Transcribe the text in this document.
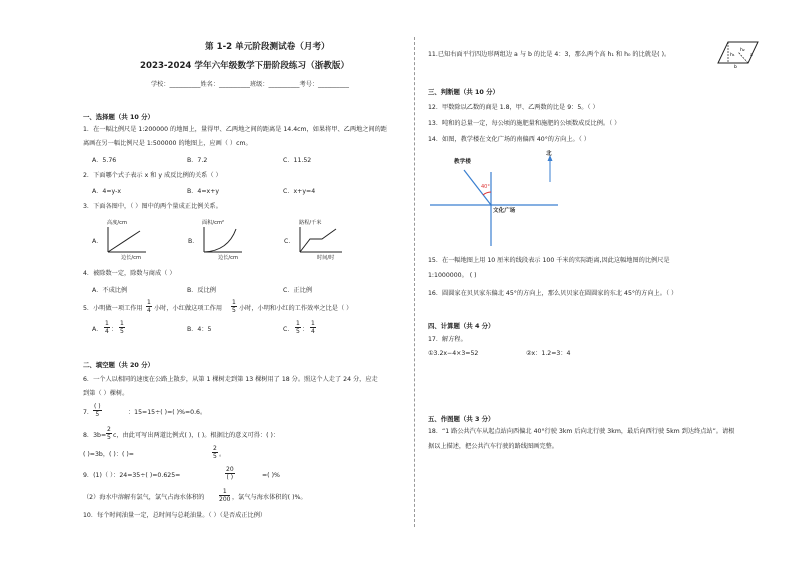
第 1-2 单元阶段测试卷（月考）
2023-2024 学年六年级数学下册阶段练习（浙教版）
学校：__________姓名：__________班级：__________考号：__________
一、选择题（共 10 分）
1．在一幅比例尺是 1:200000 的地图上，量得甲、乙两地之间的距离是 14.4cm，如果将甲、乙两地之间的距
离画在另一幅比例尺是 1:500000 的地图上，应画（ ）cm。
A．5.76	B．7.2	C．11.52
2．下面哪个式子表示 x 和 y 成反比例的关系（ ）
A．4=y-x	B．4=x+y	C．x+y=4
3．下面各图中，（ ）图中的两个量成正比例关系。
A．
高度/cm
边长/cm
B．
面积/cm²
边长/cm
C．
路程/千米
时间/时
4．被除数一定，除数与商成（ ）
A．不成比例	B．反比例	C．正比例
5．小明做一项工作用 $\frac{1}{4}$ 小时，小红做这项工作用 $\frac{1}{5}$ 小时，小明和小红的工作效率之比是（ ）
A． $\frac{1}{4}$ ： $\frac{1}{5}$	B．4：5	C． $\frac{1}{5}$ ： $\frac{1}{4}$
二、填空题（共 20 分）
6．一个人以相同的速度在公路上散步，从第 1 棵树走到第 13 棵树用了 18 分。照这个人走了 24 分，应走
到第（ ）棵树。
7．
( )
5	：15=15÷( )=( )%=0.6。
8．$3b= \frac{2}{5}$ c，由此可写出两道比例式( )，( )。根据比的意义可得：( )：
( )=3b，( )：( )=	$\frac{2}{5}$ 。
9．(1)（ ）：24=35÷( )=0.625=
20
( )	=( )%
（2）海水中溶解有氯气，氯气占海水体积的 $\frac{1}{200}$ ，氯气与海水体积的( )%。
10．每个时间油量一定，总时间与总耗油量。（ ）（是否成正比例）
11.已知右面平行四边形两组边 a 与 b 的比是 4：3，那么两个高 h₁ 和 h₀ 的比就是( )。	h₁
h₂
a
b
三、判断题（共 10 分）
12．甲数除以乙数的商是 1.8，甲、乙两数的比是 9：5。（ ）
13．吨和的总量一定，每公顷的施肥量和施肥的公顷数成反比例。（ ）
14．如图，教学楼在文化广场的南偏西 40°的方向上。（ ）
教学楼
北
40°
文化广场
15．在一幅地图上用 10 厘米的线段表示 100 千米的实际距离,因此这幅地图的比例尺是
1:1000000。 ( )
16．圆圆家在贝贝家东偏北 45°的方向上，那么贝贝家在圆圆家的东北 45°的方向上。（ ）
四、计算题（共 4 分）
17．解方程。
①3.2x−4×3=52	②x：1.2=3：4
五、作图题（共 3 分）
18．“1 路公共汽车从起点站向西偏北 40°行驶 3km 后向北行驶 3km，最后向西行驶 5km 到达终点站”。请根
据以上描述，把公共汽车行驶的路线图画完整。
